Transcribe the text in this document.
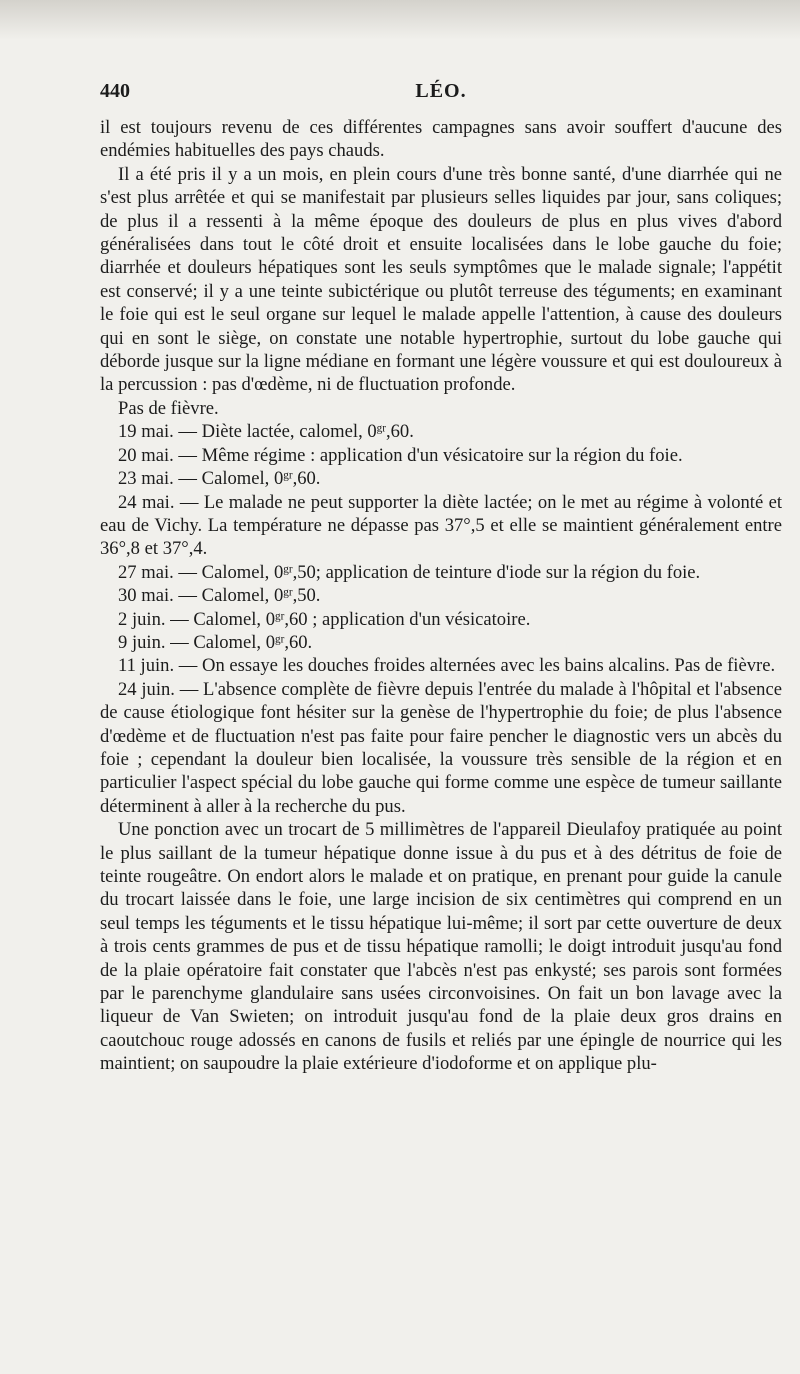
440	LÉO.

il est toujours revenu de ces différentes campagnes sans avoir souffert d'aucune des endémies habituelles des pays chauds.

Il a été pris il y a un mois, en plein cours d'une très bonne santé, d'une diarrhée qui ne s'est plus arrêtée et qui se manifestait par plusieurs selles liquides par jour, sans coliques; de plus il a ressenti à la même époque des douleurs de plus en plus vives d'abord généralisées dans tout le côté droit et ensuite localisées dans le lobe gauche du foie; diarrhée et douleurs hépatiques sont les seuls symptômes que le malade signale; l'appétit est conservé; il y a une teinte subictérique ou plutôt terreuse des téguments; en examinant le foie qui est le seul organe sur lequel le malade appelle l'attention, à cause des douleurs qui en sont le siège, on constate une notable hypertrophie, surtout du lobe gauche qui déborde jusque sur la ligne médiane en formant une légère voussure et qui est douloureux à la percussion : pas d'œdème, ni de fluctuation profonde.

Pas de fièvre.

19 mai. — Diète lactée, calomel, $0^{gr},60$.

20 mai. — Même régime : application d'un vésicatoire sur la région du foie.

23 mai. — Calomel, $0^{gr},60$.

24 mai. — Le malade ne peut supporter la diète lactée; on le met au régime à volonté et eau de Vichy. La température ne dépasse pas 37°,5 et elle se maintient généralement entre 36°,8 et 37°,4.

27 mai. — Calomel, $0^{gr},50$; application de teinture d'iode sur la région du foie.

30 mai. — Calomel, $0^{gr},50$.

2 juin. — Calomel, $0^{gr},60$ ; application d'un vésicatoire.

9 juin. — Calomel, $0^{gr},60$.

11 juin. — On essaye les douches froides alternées avec les bains alcalins. Pas de fièvre.

24 juin. — L'absence complète de fièvre depuis l'entrée du malade à l'hôpital et l'absence de cause étiologique font hésiter sur la genèse de l'hypertrophie du foie; de plus l'absence d'œdème et de fluctuation n'est pas faite pour faire pencher le diagnostic vers un abcès du foie ; cependant la douleur bien localisée, la voussure très sensible de la région et en particulier l'aspect spécial du lobe gauche qui forme comme une espèce de tumeur saillante déterminent à aller à la recherche du pus.

Une ponction avec un trocart de 5 millimètres de l'appareil Dieulafoy pratiquée au point le plus saillant de la tumeur hépatique donne issue à du pus et à des détritus de foie de teinte rougeâtre. On endort alors le malade et on pratique, en prenant pour guide la canule du trocart laissée dans le foie, une large incision de six centimètres qui comprend en un seul temps les téguments et le tissu hépatique lui-même; il sort par cette ouverture de deux à trois cents grammes de pus et de tissu hépatique ramolli; le doigt introduit jusqu'au fond de la plaie opératoire fait constater que l'abcès n'est pas enkysté; ses parois sont formées par le parenchyme glandulaire sans usées circonvoisines. On fait un bon lavage avec la liqueur de Van Swieten; on introduit jusqu'au fond de la plaie deux gros drains en caoutchouc rouge adossés en canons de fusils et reliés par une épingle de nourrice qui les maintient; on saupoudre la plaie extérieure d'iodoforme et on applique plu-
